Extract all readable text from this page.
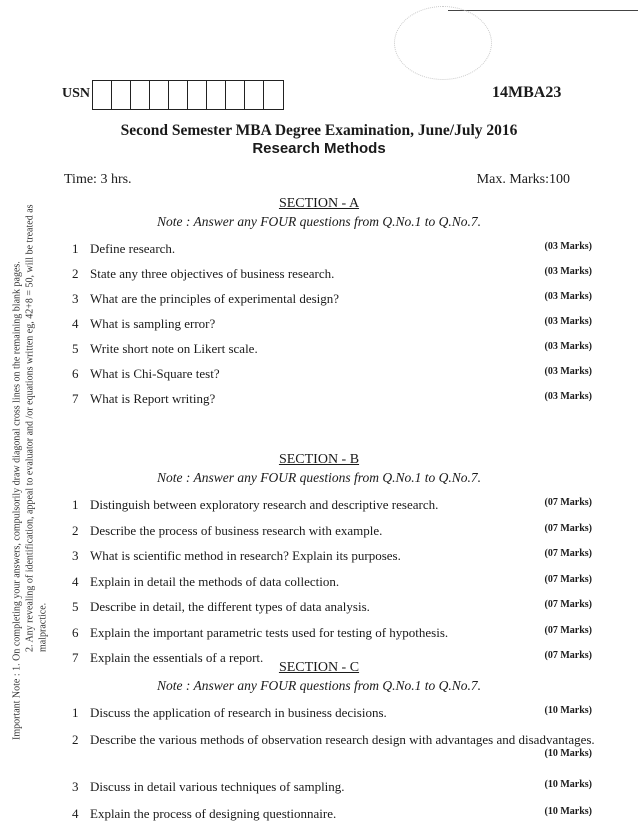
USN	14MBA23
Second Semester MBA Degree Examination, June/July 2016
Research Methods
Time: 3 hrs.	Max. Marks:100
Important Note : 1. On completing your answers, compulsorily draw diagonal cross lines on the remaining blank pages. 2. Any revealing of identification, appeal to evaluator and /or equations written eg, 42+8 = 50, will be treated as malpractice.
SECTION - A
Note : Answer any FOUR questions from Q.No.1 to Q.No.7.
1 Define research.	(03 Marks)
2 State any three objectives of business research.	(03 Marks)
3 What are the principles of experimental design?	(03 Marks)
4 What is sampling error?	(03 Marks)
5 Write short note on Likert scale.	(03 Marks)
6 What is Chi-Square test?	(03 Marks)
7 What is Report writing?	(03 Marks)
SECTION - B
Note : Answer any FOUR questions from Q.No.1 to Q.No.7.
1 Distinguish between exploratory research and descriptive research.	(07 Marks)
2 Describe the process of business research with example.	(07 Marks)
3 What is scientific method in research? Explain its purposes.	(07 Marks)
4 Explain in detail the methods of data collection.	(07 Marks)
5 Describe in detail, the different types of data analysis.	(07 Marks)
6 Explain the important parametric tests used for testing of hypothesis.	(07 Marks)
7 Explain the essentials of a report.	(07 Marks)
SECTION - C
Note : Answer any FOUR questions from Q.No.1 to Q.No.7.
1 Discuss the application of research in business decisions.	(10 Marks)
2 Describe the various methods of observation research design with advantages and disadvantages.
(10 Marks)
3 Discuss in detail various techniques of sampling.	(10 Marks)
4 Explain the process of designing questionnaire.	(10 Marks)
